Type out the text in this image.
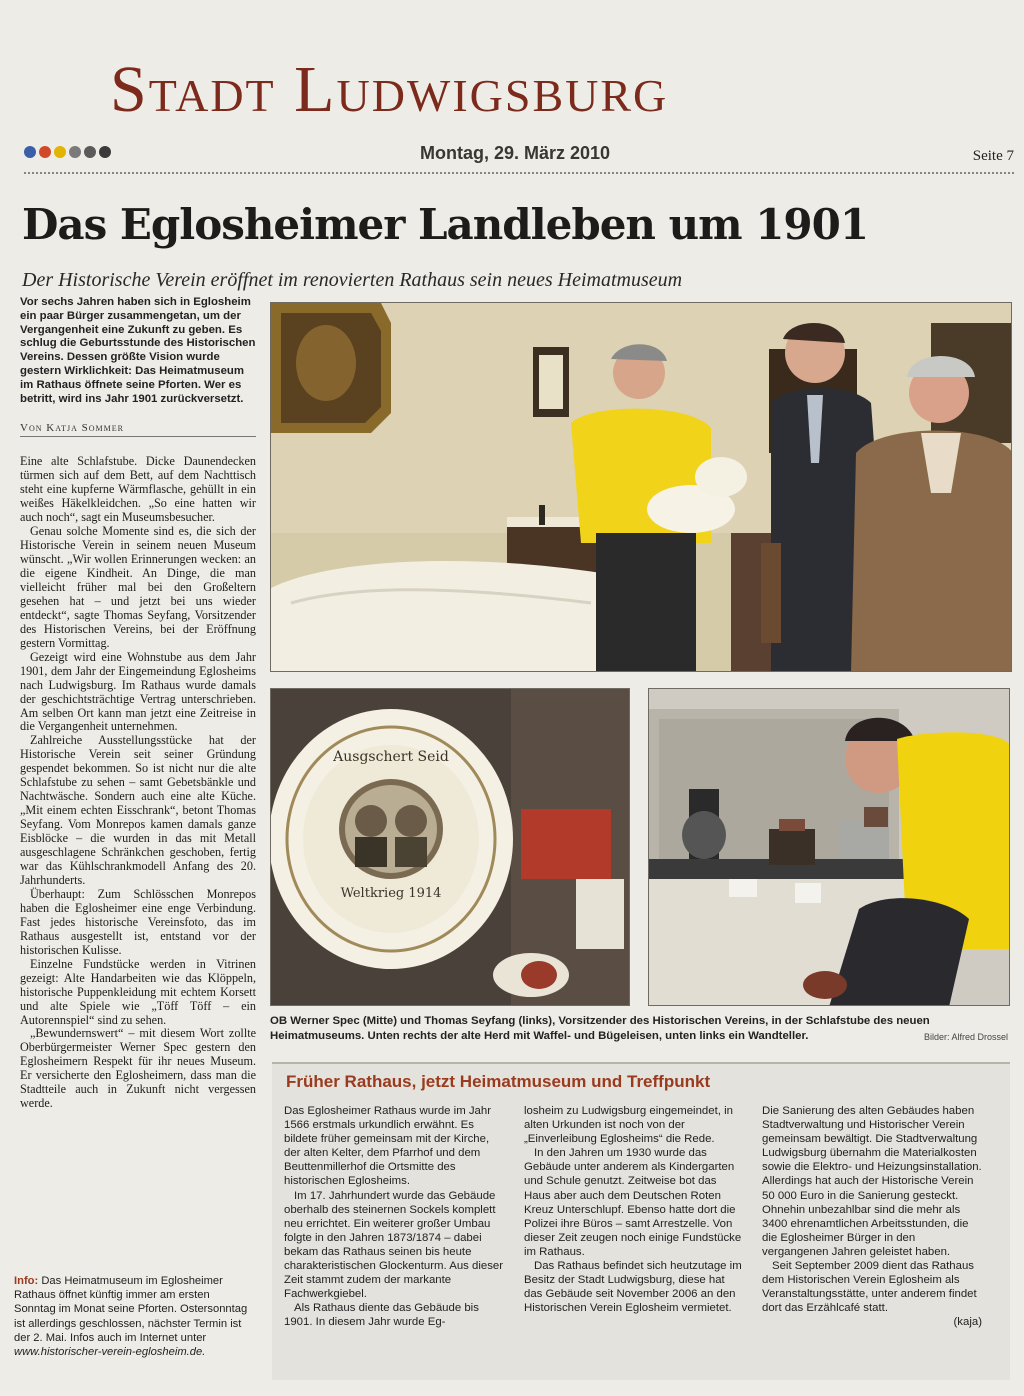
Stadt Ludwigsburg
Montag, 29. März 2010	Seite 7
Das Eglosheimer Landleben um 1901
Der Historische Verein eröffnet im renovierten Rathaus sein neues Heimatmuseum
Vor sechs Jahren haben sich in Eglosheim ein paar Bürger zusammengetan, um der Vergangenheit eine Zukunft zu geben. Es schlug die Geburtsstunde des Historischen Vereins. Dessen größte Vision wurde gestern Wirklichkeit: Das Heimatmuseum im Rathaus öffnete seine Pforten. Wer es betritt, wird ins Jahr 1901 zurückversetzt.
Von Katja Sommer

Eine alte Schlafstube. Dicke Daunendecken türmen sich auf dem Bett, auf dem Nachttisch steht eine kupferne Wärmflasche, gehüllt in ein weißes Häkelkleidchen. „So eine hatten wir auch noch“, sagt ein Museumsbesucher.

Genau solche Momente sind es, die sich der Historische Verein in seinem neuen Museum wünscht. „Wir wollen Erinnerungen wecken: an die eigene Kindheit. An Dinge, die man vielleicht früher mal bei den Großeltern gesehen hat – und jetzt bei uns wieder entdeckt“, sagte Thomas Seyfang, Vorsitzender des Historischen Vereins, bei der Eröffnung gestern Vormittag.

Gezeigt wird eine Wohnstube aus dem Jahr 1901, dem Jahr der Eingemeindung Eglosheims nach Ludwigsburg. Im Rathaus wurde damals der geschichtsträchtige Vertrag unterschrieben. Am selben Ort kann man jetzt eine Zeitreise in die Vergangenheit unternehmen.

Zahlreiche Ausstellungsstücke hat der Historische Verein seit seiner Gründung gespendet bekommen. So ist nicht nur die alte Schlafstube zu sehen – samt Gebetsbänkle und Nachtwäsche. Sondern auch eine alte Küche. „Mit einem echten Eisschrank“, betont Thomas Seyfang. Vom Monrepos kamen damals ganze Eisblöcke – die wurden in das mit Metall ausgeschlagene Schränkchen geschoben, fertig war das Kühlschrankmodell Anfang des 20. Jahrhunderts.

Überhaupt: Zum Schlösschen Monrepos haben die Eglosheimer eine enge Verbindung. Fast jedes historische Vereinsfoto, das im Rathaus ausgestellt ist, entstand vor der historischen Kulisse.

Einzelne Fundstücke werden in Vitrinen gezeigt: Alte Handarbeiten wie das Klöppeln, historische Puppenkleidung mit echtem Korsett und alte Spiele wie „Töff Töff – ein Autorennspiel“ sind zu sehen.

„Bewundernswert“ – mit diesem Wort zollte Oberbürgermeister Werner Spec gestern den Eglosheimern Respekt für ihr neues Museum. Er versicherte den Eglosheimern, dass man die Stadtteile auch in Zukunft nicht vergessen werde.

Info: Das Heimatmuseum im Eglosheimer Rathaus öffnet künftig immer am ersten Sonntag im Monat seine Pforten. Ostersonntag ist allerdings geschlossen, nächster Termin ist der 2. Mai. Infos auch im Internet unter www.historischer-verein-eglosheim.de.
Ausgschert Seid
Weltkrieg 1914
OB Werner Spec (Mitte) und Thomas Seyfang (links), Vorsitzender des Historischen Vereins, in der Schlafstube des neuen Heimatmuseums. Unten rechts der alte Herd mit Waffel- und Bügeleisen, unten links ein Wandteller.	Bilder: Alfred Drossel
Früher Rathaus, jetzt Heimatmuseum und Treffpunkt

Das Eglosheimer Rathaus wurde im Jahr 1566 erstmals urkundlich erwähnt. Es bildete früher gemeinsam mit der Kirche, der alten Kelter, dem Pfarrhof und dem Beuttenmillerhof die Ortsmitte des historischen Eglosheims.

Im 17. Jahrhundert wurde das Gebäude oberhalb des steinernen Sockels komplett neu errichtet. Ein weiterer großer Umbau folgte in den Jahren 1873/1874 – dabei bekam das Rathaus seinen bis heute charakteristischen Glockenturm. Aus dieser Zeit stammt zudem der markante Fachwerkgiebel.

Als Rathaus diente das Gebäude bis 1901. In diesem Jahr wurde Eg-

losheim zu Ludwigsburg eingemeindet, in alten Urkunden ist noch von der „Einverleibung Eglosheims“ die Rede.

In den Jahren um 1930 wurde das Gebäude unter anderem als Kindergarten und Schule genutzt. Zeitweise bot das Haus aber auch dem Deutschen Roten Kreuz Unterschlupf. Ebenso hatte dort die Polizei ihre Büros – samt Arrestzelle. Von dieser Zeit zeugen noch einige Fundstücke im Rathaus.

Das Rathaus befindet sich heutzutage im Besitz der Stadt Ludwigsburg, diese hat das Gebäude seit November 2006 an den Historischen Verein Eglosheim vermietet.

Die Sanierung des alten Gebäudes haben Stadtverwaltung und Historischer Verein gemeinsam bewältigt. Die Stadtverwaltung Ludwigsburg übernahm die Materialkosten sowie die Elektro- und Heizungsinstallation. Allerdings hat auch der Historische Verein 50 000 Euro in die Sanierung gesteckt. Ohnehin unbezahlbar sind die mehr als 3400 ehrenamtlichen Arbeitsstunden, die die Eglosheimer Bürger in den vergangenen Jahren geleistet haben.

Seit September 2009 dient das Rathaus dem Historischen Verein Eglosheim als Veranstaltungsstätte, unter anderem findet dort das Erzählcafé statt.

(kaja)
